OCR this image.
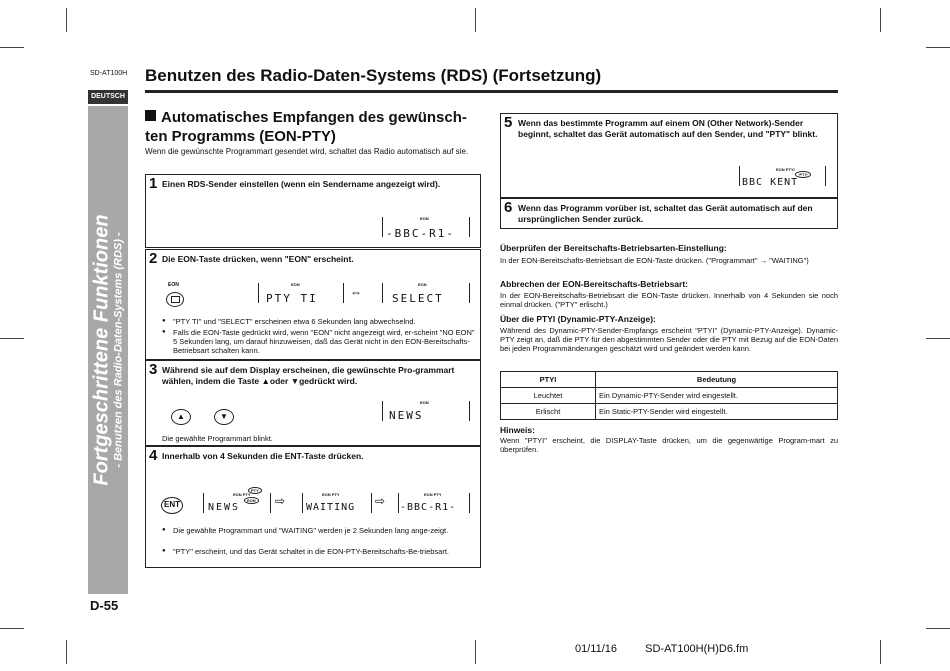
SD-AT100H
DEUTSCH
Fortgeschrittene Funktionen - Benutzen des Radio-Daten-Systems (RDS) -
D-55
Benutzen des Radio-Daten-Systems (RDS) (Fortsetzung)
Automatisches Empfangen des gewünsch-ten Programms (EON-PTY)
Wenn die gewünschte Programmart gesendet wird, schaltet das Radio automatisch auf sie.
1 Einen RDS-Sender einstellen (wenn ein Sendername angezeigt wird).
EON
-BBC-R1-
2 Die EON-Taste drücken, wenn "EON" erscheint.
EON	EON
PTY TI	⇔
EON
SELECT
● "PTY TI" und "SELECT" erscheinen etwa 6 Sekunden lang abwechselnd.
● Falls die EON-Taste gedrückt wird, wenn "EON" nicht angezeigt wird, er-scheint "NO EON" 5 Sekunden lang, um darauf hinzuweisen, daß das Gerät nicht in den EON-Bereitschafts-Betriebsart schalten kann.
3 Während sie auf dem Display erscheinen, die gewünschte Pro-grammart wählen, indem die Taste ▲oder ▼gedrückt wird.
▲	▼
EON
NEWS
Die gewählte Programmart blinkt.
4 Innerhalb von 4 Sekunden die ENT-Taste drücken.
ENT
PTY
EON PTY
EON
NEWS	⇨	EON PTY
WAITING ⇨	EON PTY
-BBC-R1-
● Die gewählte Programmart und "WAITING" werden je 2 Sekunden lang ange-zeigt.
● "PTY" erscheint, und das Gerät schaltet in die EON-PTY-Bereitschafts-Be-triebsart.
5 Wenn das bestimmte Programm auf einem ON (Other Network)-Sender beginnt, schaltet das Gerät automatisch auf den Sender, und "PTY" blinkt.
EON PTYI
·PTY·
BBC KENT
6 Wenn das Programm vorüber ist, schaltet das Gerät automatisch auf den ursprünglichen Sender zurück.
Überprüfen der Bereitschafts-Betriebsarten-Einstellung:
In der EON-Bereitschafts-Betriebsart die EON-Taste drücken. ("Programmart" → "WAITING")
Abbrechen der EON-Bereitschafts-Betriebsart:
In der EON-Bereitschafts-Betriebsart die EON-Taste drücken. Innerhalb von 4 Sekunden sie noch einmal drücken. ("PTY" erlischt.)
Über die PTYI (Dynamic-PTY-Anzeige):
Während des Dynamic-PTY-Sender-Empfangs erscheint "PTYI" (Dynamic-PTY-Anzeige). Dynamic-PTY zeigt an, daß die PTY für den abgestimmten Sender oder die PTY mit Bezug auf die EON-Daten bei jeden Programmänderungen geschätzt wird und geändert werden kann.
PTYI	Bedeutung
Leuchtet	Ein Dynamic-PTY-Sender wird eingestellt.
Erlischt	Ein Static-PTY-Sender wird eingestellt.
Hinweis:
Wenn "PTYI" erscheint, die DISPLAY-Taste drücken, um die gegenwärtige Program-mart zu überprüfen.
01/11/16	SD-AT100H(H)D6.fm
